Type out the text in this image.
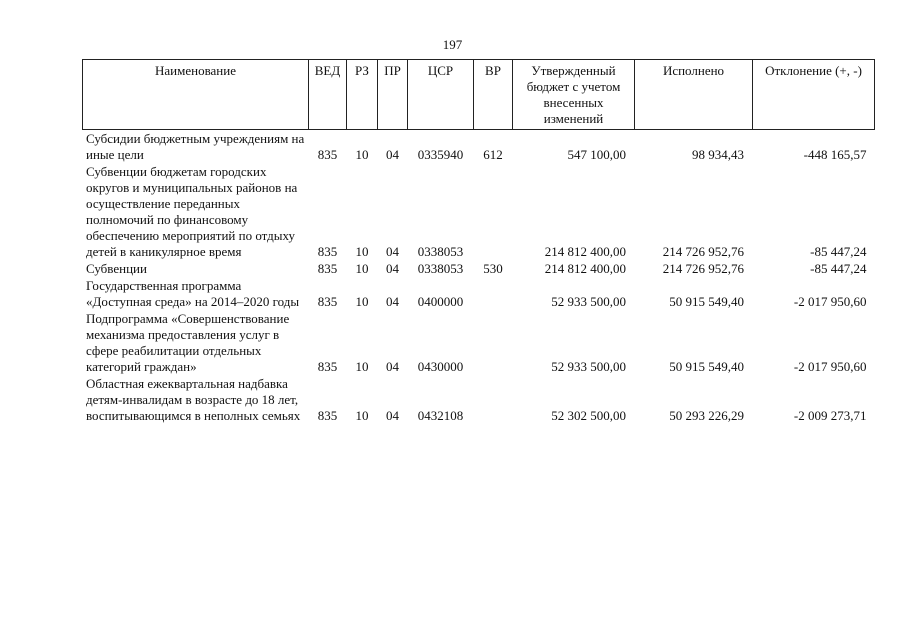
197
Наименование	ВЕД	РЗ	ПР	ЦСР	ВР	Утвержденный бюджет с учетом внесенных изменений	Исполнено	Отклонение (+, -)
Субсидии бюджетным учреждениям на иные цели	835	10	04	0335940	612	547 100,00	98 934,43	-448 165,57
Субвенции бюджетам городских округов и муниципальных районов на осуществление переданных полномочий по финансовому обеспечению мероприятий по отдыху детей в каникулярное время	835	10	04	0338053		214 812 400,00	214 726 952,76	-85 447,24
Субвенции	835	10	04	0338053	530	214 812 400,00	214 726 952,76	-85 447,24
Государственная программа «Доступная среда» на 2014–2020 годы	835	10	04	0400000		52 933 500,00	50 915 549,40	-2 017 950,60
Подпрограмма «Совершенствование механизма предоставления услуг в сфере реабилитации отдельных категорий граждан»	835	10	04	0430000		52 933 500,00	50 915 549,40	-2 017 950,60
Областная ежеквартальная надбавка детям-инвалидам в возрасте до 18 лет, воспитывающимся в неполных семьях	835	10	04	0432108		52 302 500,00	50 293 226,29	-2 009 273,71
